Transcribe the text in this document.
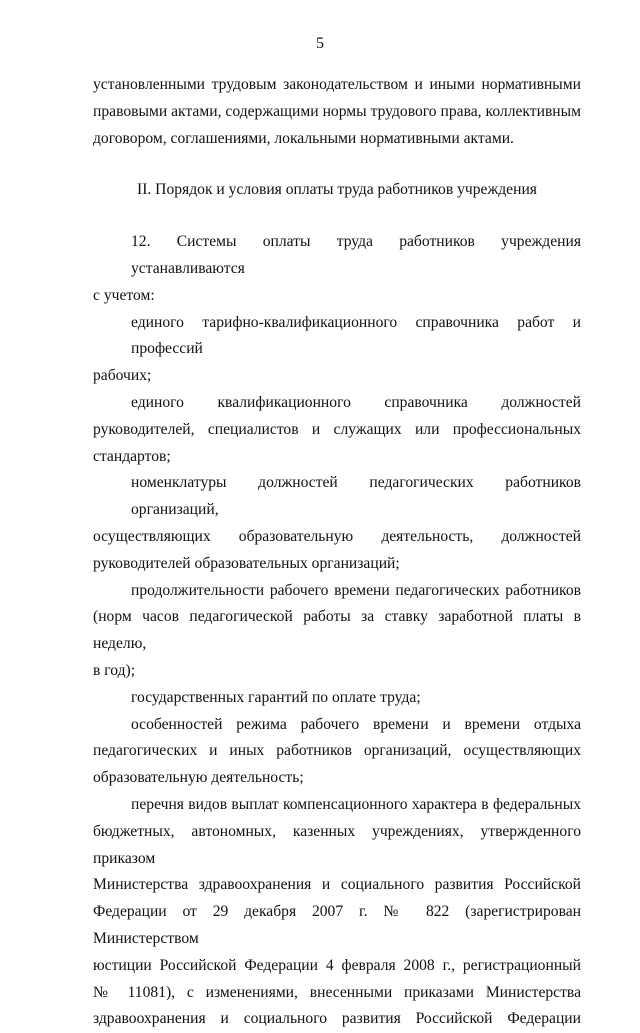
5
установленными трудовым законодательством и иными нормативными
правовыми актами, содержащими нормы трудового права, коллективным
договором, соглашениями, локальными нормативными актами.
II. Порядок и условия оплаты труда работников учреждения
12. Системы оплаты труда работников учреждения устанавливаются
с учетом:
единого тарифно-квалификационного справочника работ и профессий
рабочих;
единого квалификационного справочника должностей
руководителей, специалистов и служащих или профессиональных
стандартов;
номенклатуры должностей педагогических работников организаций,
осуществляющих образовательную деятельность, должностей
руководителей образовательных организаций;
продолжительности рабочего времени педагогических работников
(норм часов педагогической работы за ставку заработной платы в неделю,
в год);
государственных гарантий по оплате труда;
особенностей режима рабочего времени и времени отдыха
педагогических и иных работников организаций, осуществляющих
образовательную деятельность;
перечня видов выплат компенсационного характера в федеральных
бюджетных, автономных, казенных учреждениях, утвержденного приказом
Министерства здравоохранения и социального развития Российской
Федерации от 29 декабря 2007 г. № 822 (зарегистрирован Министерством
юстиции Российской Федерации 4 февраля 2008 г., регистрационный
№ 11081), с изменениями, внесенными приказами Министерства
здравоохранения и социального развития Российской Федерации
